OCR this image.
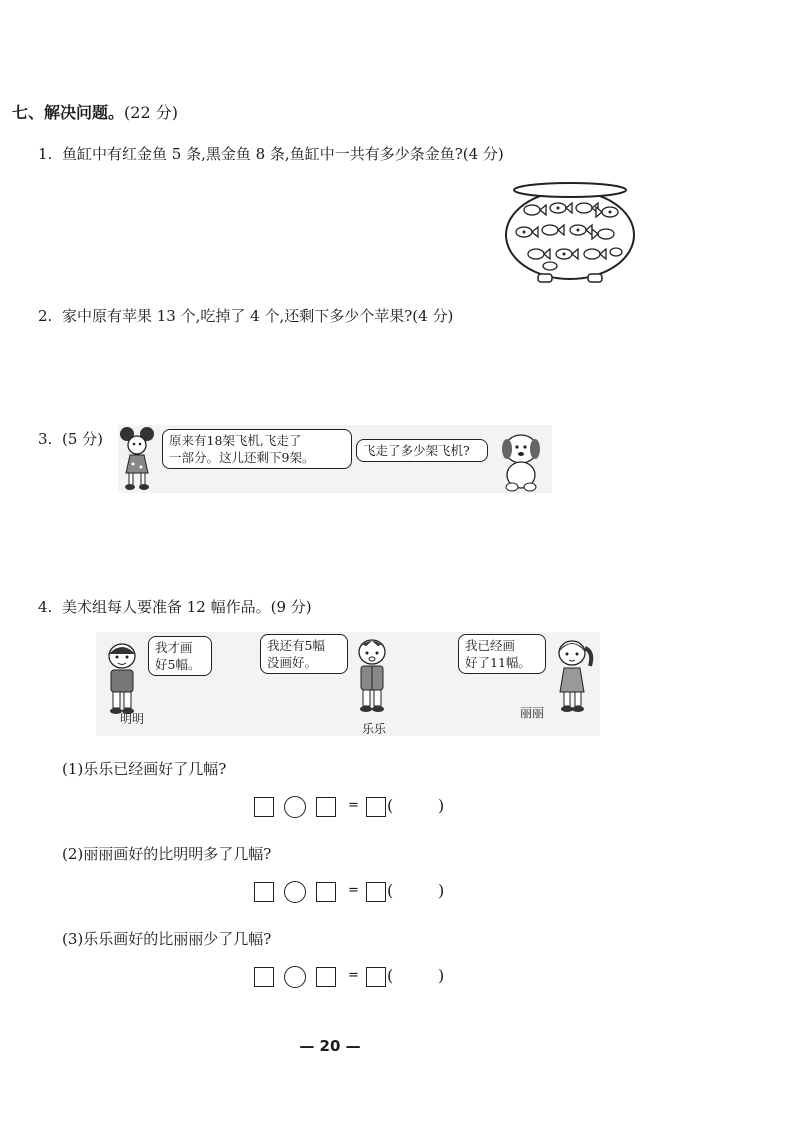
七、解决问题。(22 分)
1. 鱼缸中有红金鱼 5 条,黑金鱼 8 条,鱼缸中一共有多少条金鱼?(4 分)
2. 家中原有苹果 13 个,吃掉了 4 个,还剩下多少个苹果?(4 分)
3. (5 分)	原来有18架飞机,飞走了
一部分。这儿还剩下9架。	飞走了多少架飞机?
4. 美术组每人要准备 12 幅作品。(9 分)
明明
我才画
好5幅。
我还有5幅
没画好。
乐乐
我已经画
好了11幅。
丽丽
(1)乐乐已经画好了几幅?
= (	)
(2)丽丽画好的比明明多了几幅?
= (	)
(3)乐乐画好的比丽丽少了几幅?
= (	)
— 20 —
